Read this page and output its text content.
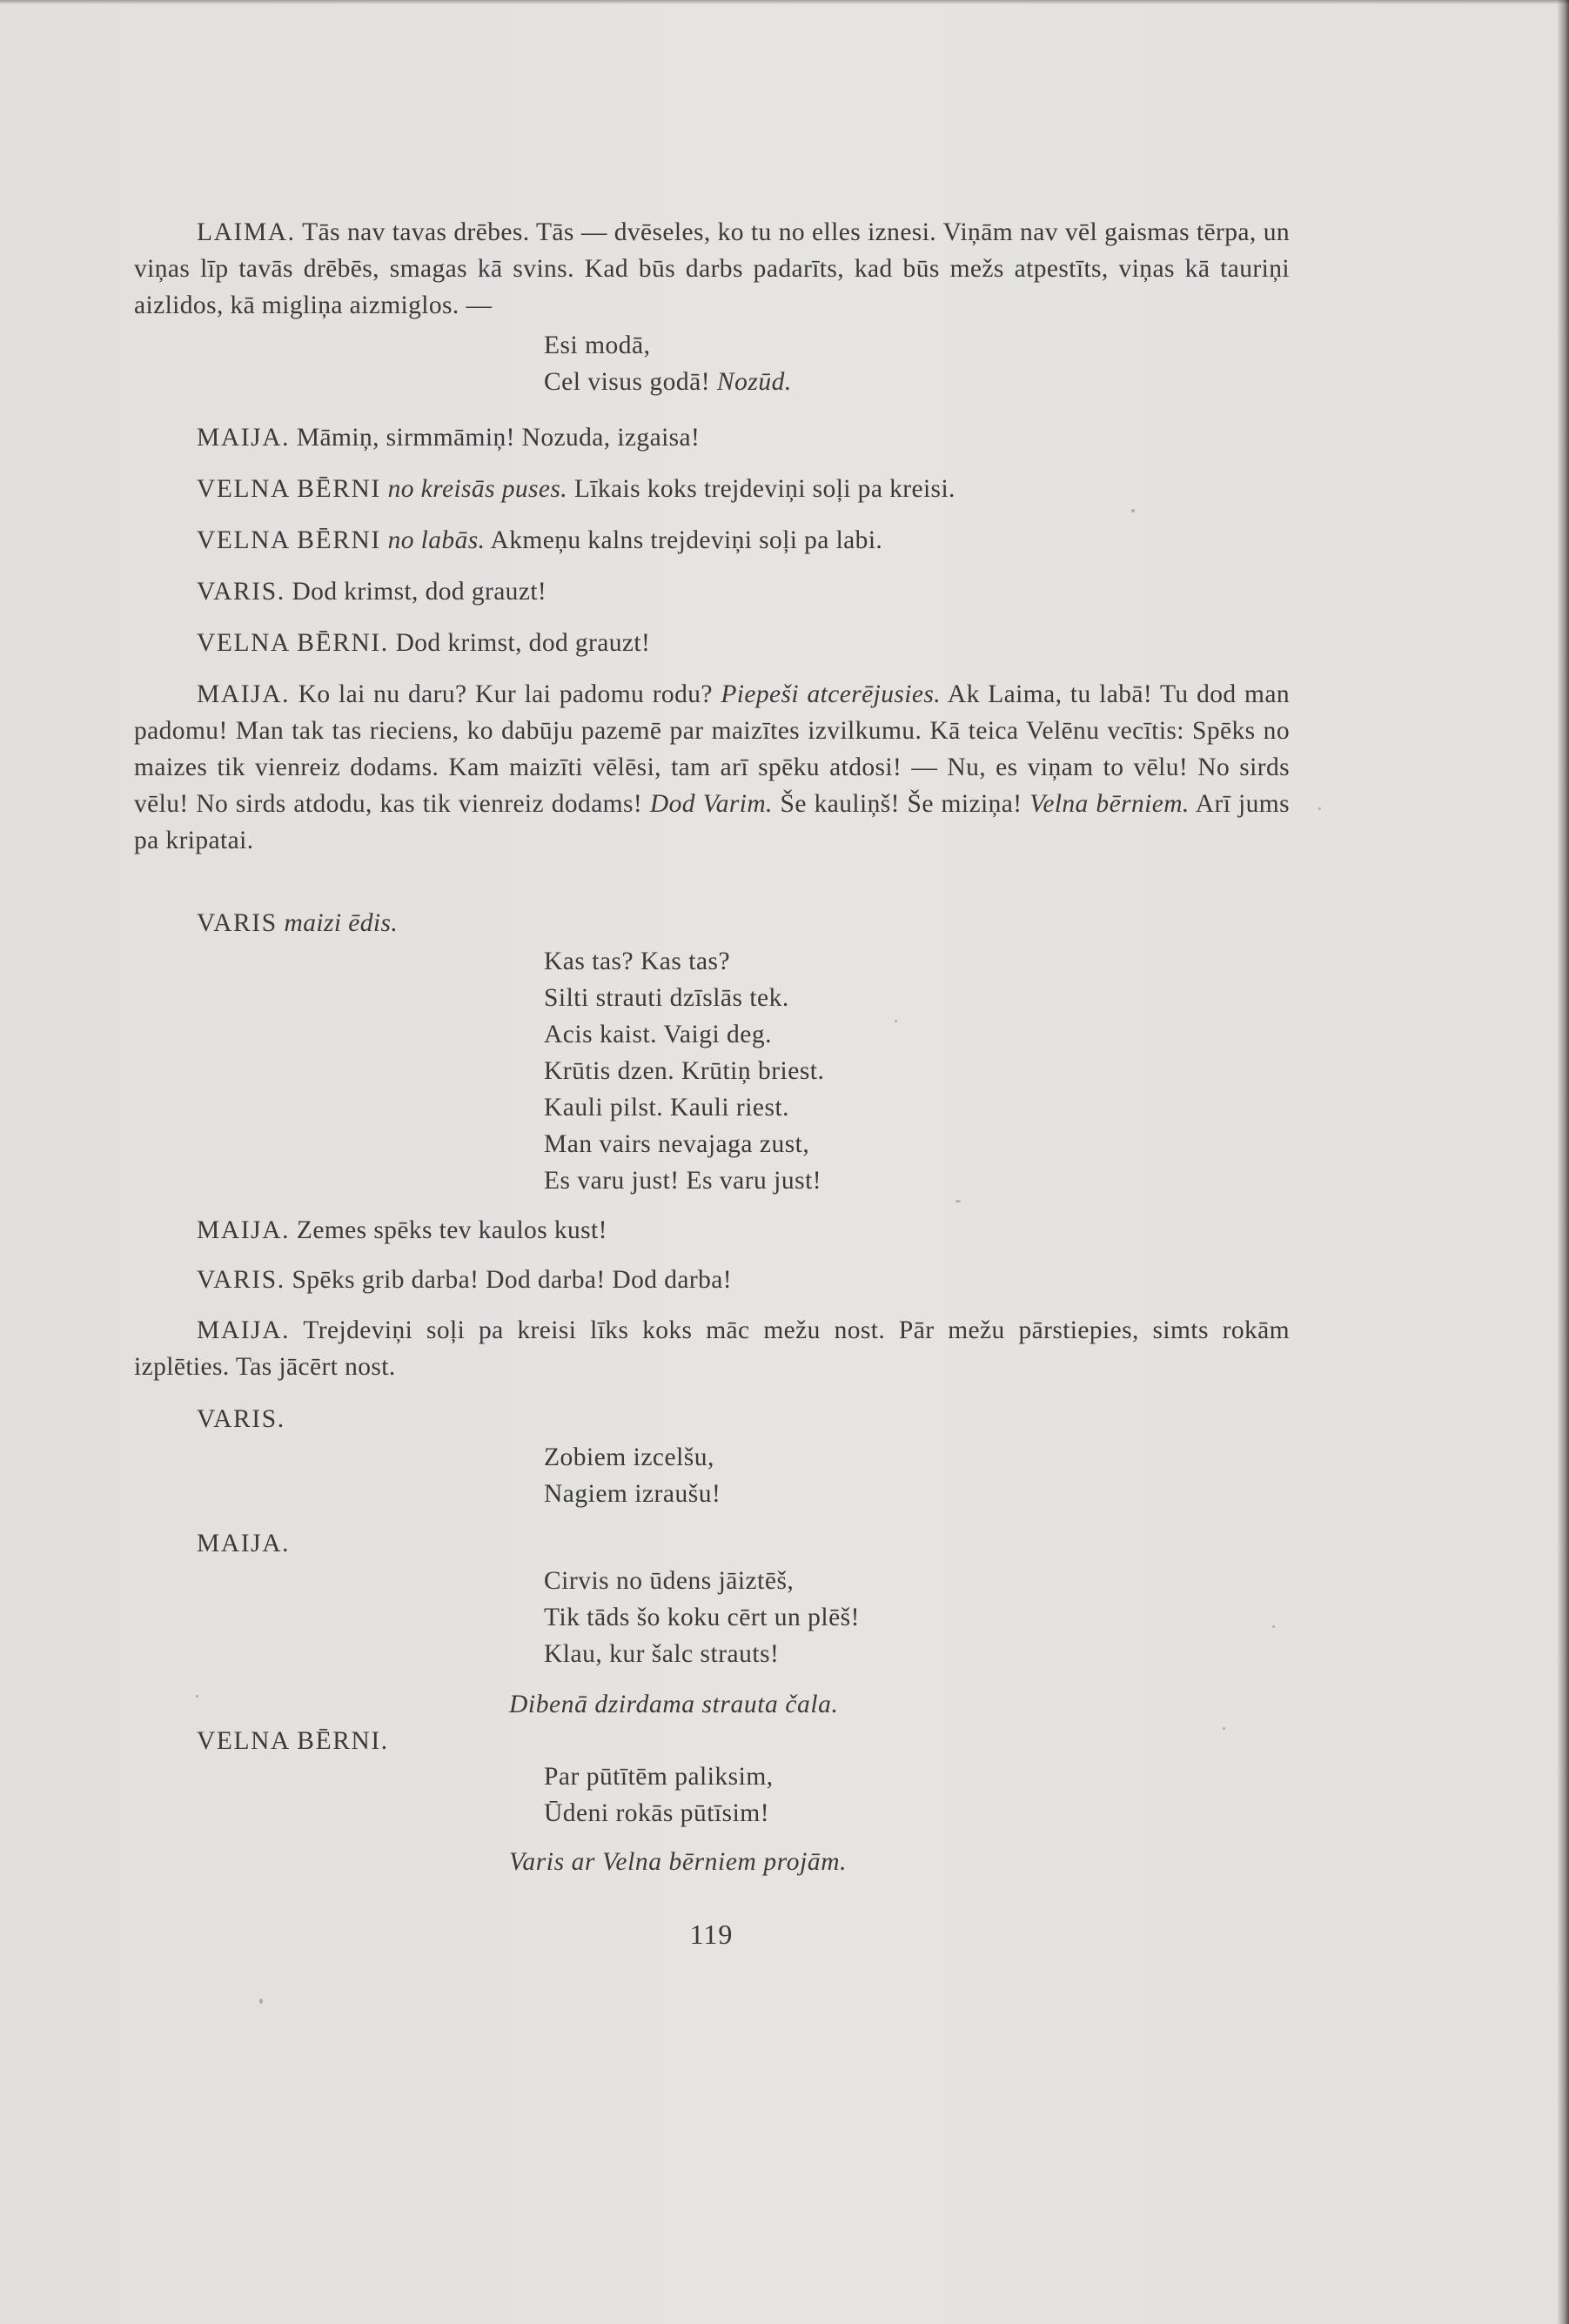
LAIMA. Tās nav tavas drēbes. Tās — dvēseles, ko tu no elles iznesi. Viņām nav vēl gaismas tērpa, un viņas līp tavās drēbēs, smagas kā svins. Kad būs darbs padarīts, kad būs mežs atpestīts, viņas kā tauriņi aizlidos, kā migliņa aizmiglos. —
Esi modā,
Cel visus godā! Nozūd.
MAIJA. Māmiņ, sirmmāmiņ! Nozuda, izgaisa!
VELNA BĒRNI no kreisās puses. Līkais koks trejdeviņi soļi pa kreisi.
VELNA BĒRNI no labās. Akmeņu kalns trejdeviņi soļi pa labi.
VARIS. Dod krimst, dod grauzt!
VELNA BĒRNI. Dod krimst, dod grauzt!
MAIJA. Ko lai nu daru? Kur lai padomu rodu? Piepeši atcerējusies. Ak Laima, tu labā! Tu dod man padomu! Man tak tas rieciens, ko dabūju pazemē par maizītes izvilkumu. Kā teica Velēnu vecītis: Spēks no maizes tik vienreiz dodams. Kam maizīti vēlēsi, tam arī spēku atdosi! — Nu, es viņam to vēlu! No sirds vēlu! No sirds atdodu, kas tik vienreiz dodams! Dod Varim. Še kauliņš! Še miziņa! Velna bērniem. Arī jums pa kripatai.
VARIS maizi ēdis.
Kas tas? Kas tas?
Silti strauti dzīslās tek.
Acis kaist. Vaigi deg.
Krūtis dzen. Krūtiņ briest.
Kauli pilst. Kauli riest.
Man vairs nevajaga zust,
Es varu just! Es varu just!
MAIJA. Zemes spēks tev kaulos kust!
VARIS. Spēks grib darba! Dod darba! Dod darba!
MAIJA. Trejdeviņi soļi pa kreisi līks koks māc mežu nost. Pār mežu pārstiepies, simts rokām izplēties. Tas jācērt nost.
VARIS.
Zobiem izcelšu,
Nagiem izraušu!
MAIJA.
Cirvis no ūdens jāiztēš,
Tik tāds šo koku cērt un plēš!
Klau, kur šalc strauts!
Dibenā dzirdama strauta čala.
VELNA BĒRNI.
Par pūtītēm paliksim,
Ūdeni rokās pūtīsim!
Varis ar Velna bērniem projām.
119
